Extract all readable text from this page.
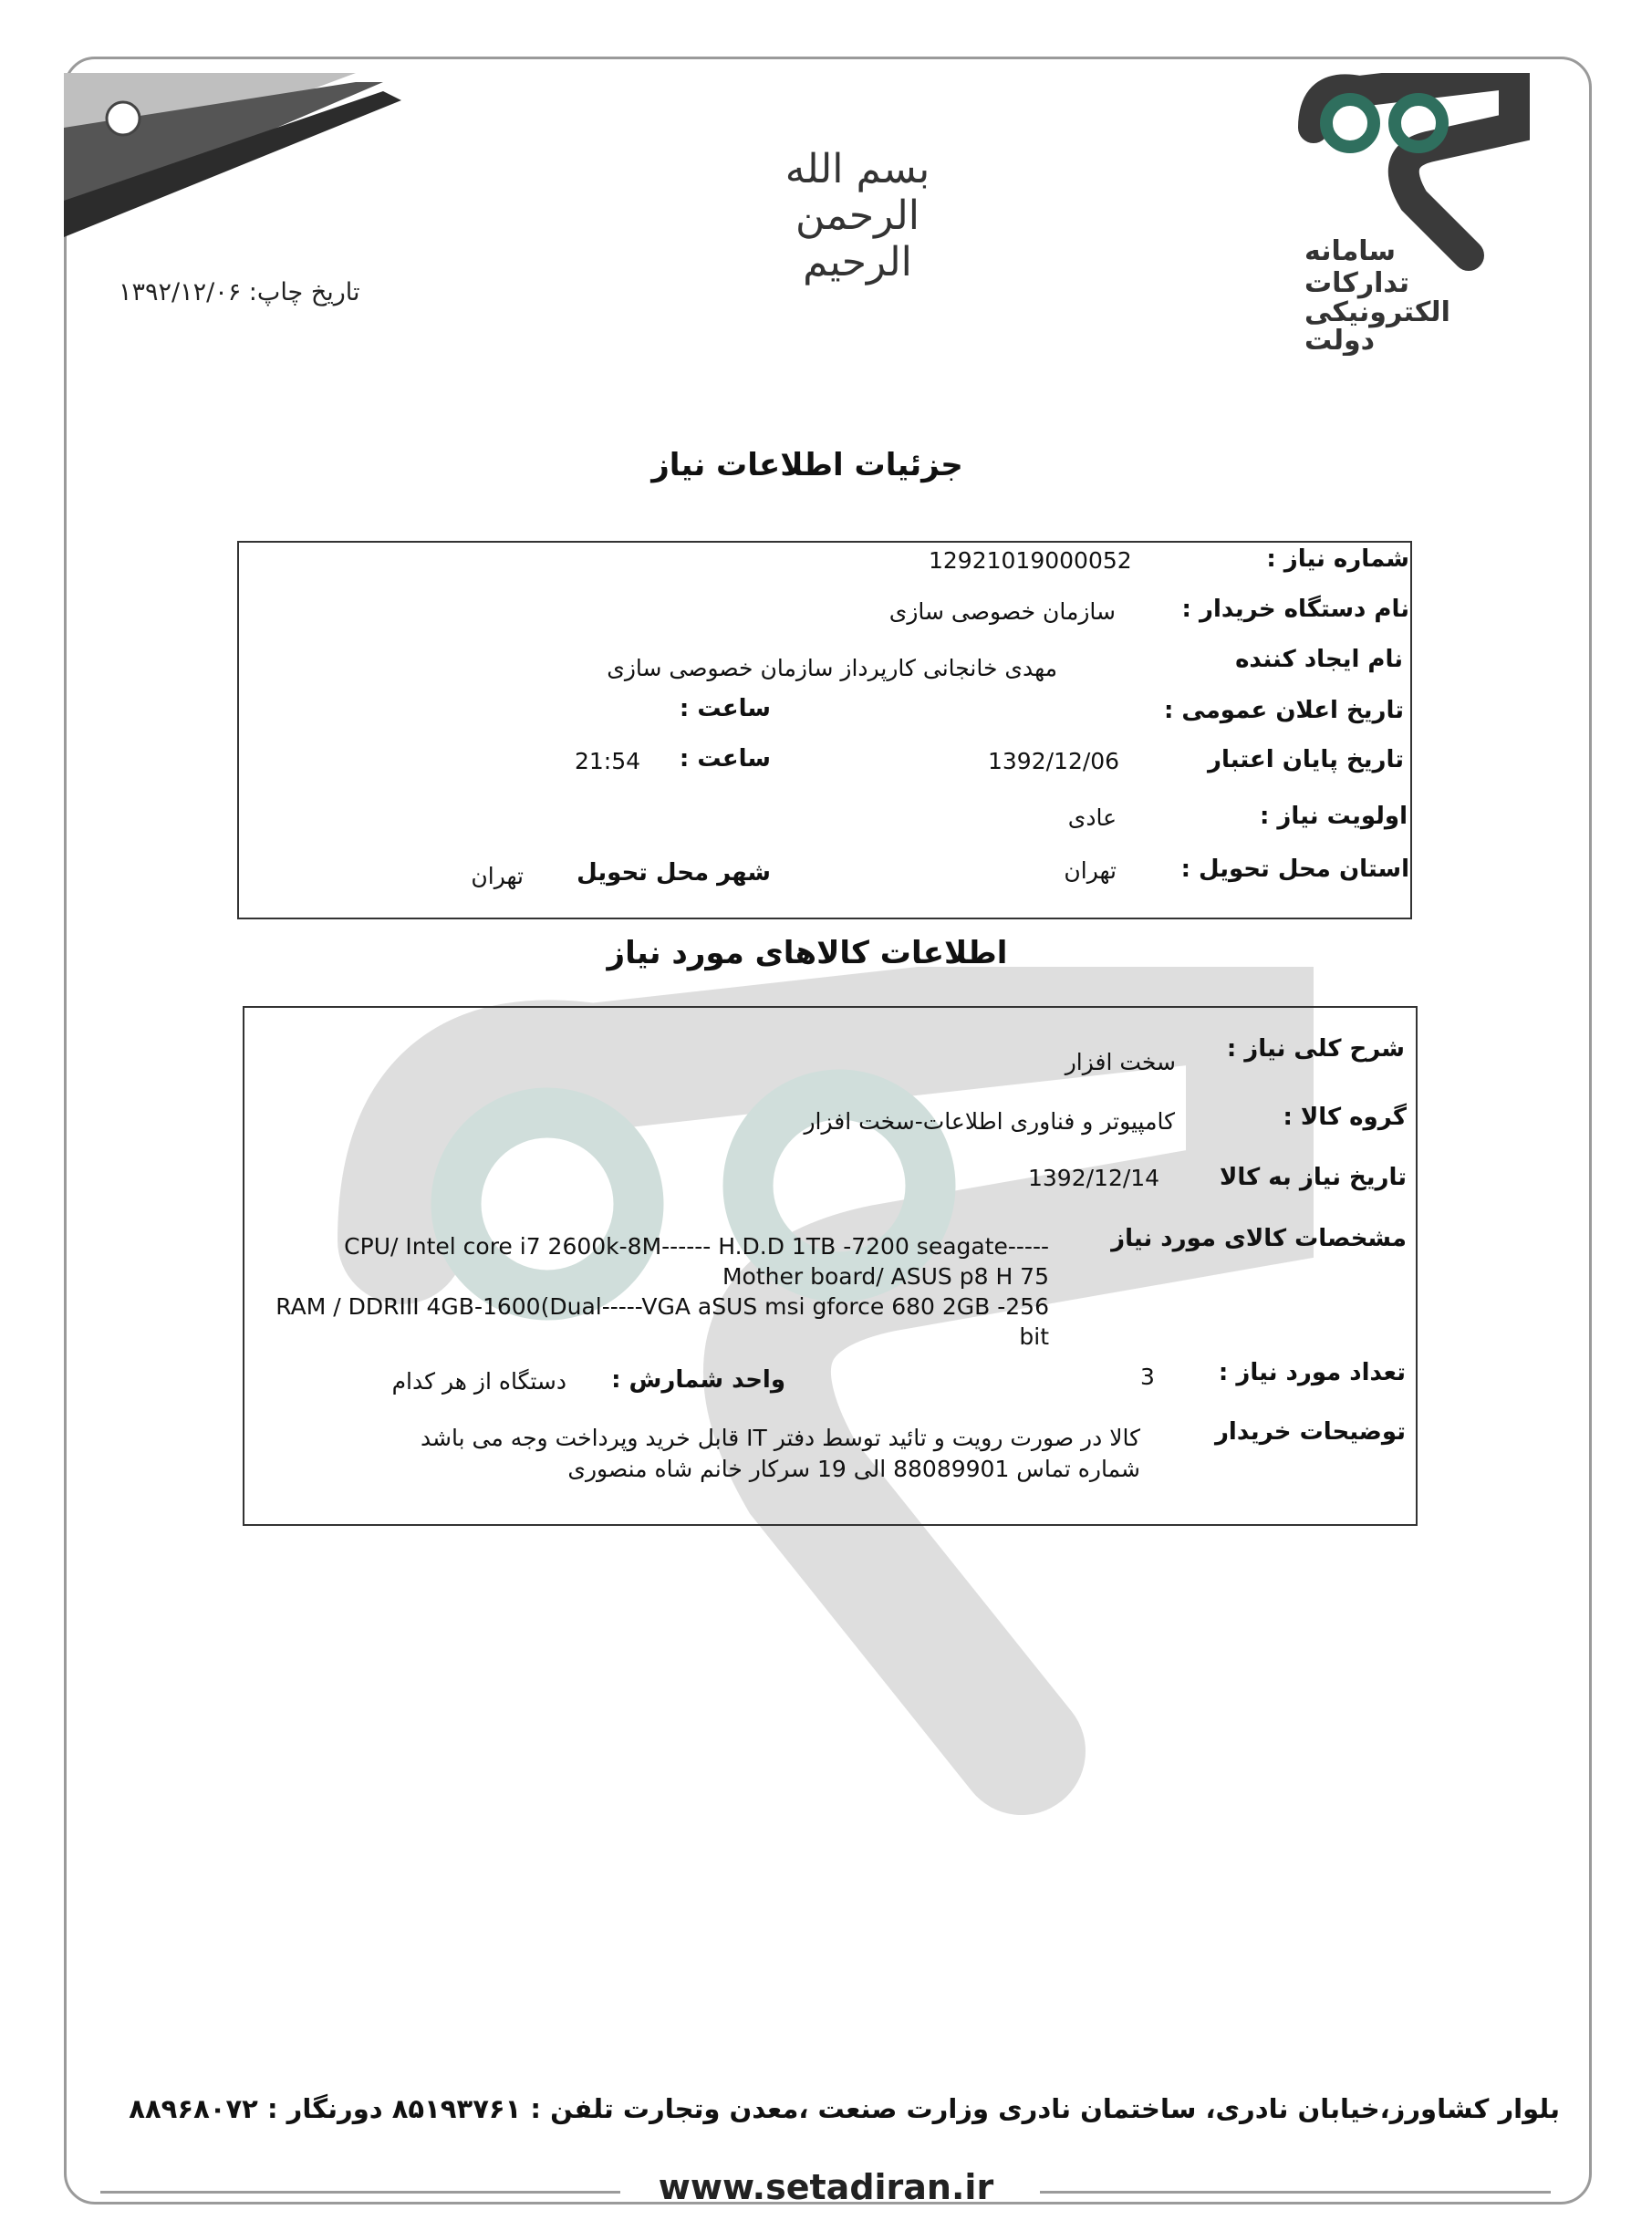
سامانه
تدارکات
الکترونیکی
دولت
بسم الله الرحمن الرحیم
تاریخ چاپ: ۱۳۹۲/۱۲/۰۶
جزئیات اطلاعات نیاز
شماره نیاز :
12921019000052
نام دستگاه خریدار :
سازمان خصوصی سازی
نام ایجاد کننده
مهدی خانجانی کارپرداز سازمان خصوصی سازی
تاریخ اعلان عمومی :
ساعت :
تاریخ پایان اعتبار
1392/12/06
ساعت :
21:54
اولویت نیاز :
عادی
استان محل تحویل :
تهران
شهر محل تحویل
تهران
اطلاعات کالاهای مورد نیاز
شرح کلی نیاز :
سخت افزار
گروه کالا :
کامپیوتر و فناوری اطلاعات-سخت افزار
تاریخ نیاز به کالا
1392/12/14
مشخصات کالای مورد نیاز
CPU/ Intel core i7 2600k-8M------ H.D.D 1TB -7200 seagate-----
Mother board/ ASUS p8 H 75
RAM / DDRIII 4GB-1600(Dual-----VGA aSUS msi gforce 680 2GB -256
bit
تعداد مورد نیاز :
3
واحد شمارش :
دستگاه از هر کدام
توضیحات خریدار
کالا در صورت رویت و تائید توسط دفتر IT قابل خرید وپرداخت وجه می باشد
شماره تماس 88089901 الی 19 سرکار خانم شاه منصوری
بلوار کشاورز،خیابان نادری، ساختمان نادری وزارت صنعت ،معدن وتجارت تلفن : ۸۵۱۹۳۷۶۱ دورنگار : ۸۸۹۶۸۰۷۲
www.setadiran.ir
